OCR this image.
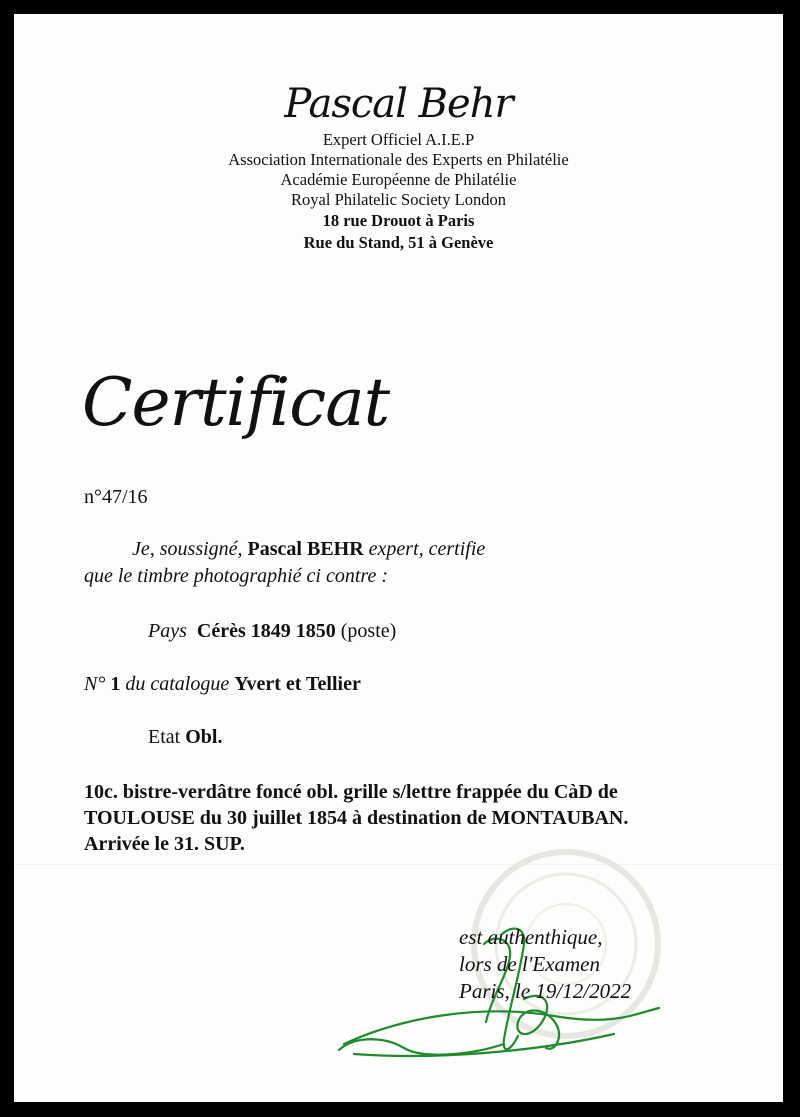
Pascal Behr
Expert Officiel A.I.E.P
Association Internationale des Experts en Philatélie
Académie Européenne de Philatélie
Royal Philatelic Society London
18 rue Drouot à Paris
Rue du Stand, 51 à Genève
Certificat
n°47/16
Je, soussigné, Pascal BEHR expert, certifie
que le timbre photographié ci contre :
Pays Cérès 1849 1850 (poste)
N° 1 du catalogue Yvert et Tellier
Etat Obl.
10c. bistre-verdâtre foncé obl. grille s/lettre frappée du CàD de
TOULOUSE du 30 juillet 1854 à destination de MONTAUBAN.
Arrivée le 31. SUP.
est authenthique,
lors de l'Examen
Paris, le 19/12/2022
